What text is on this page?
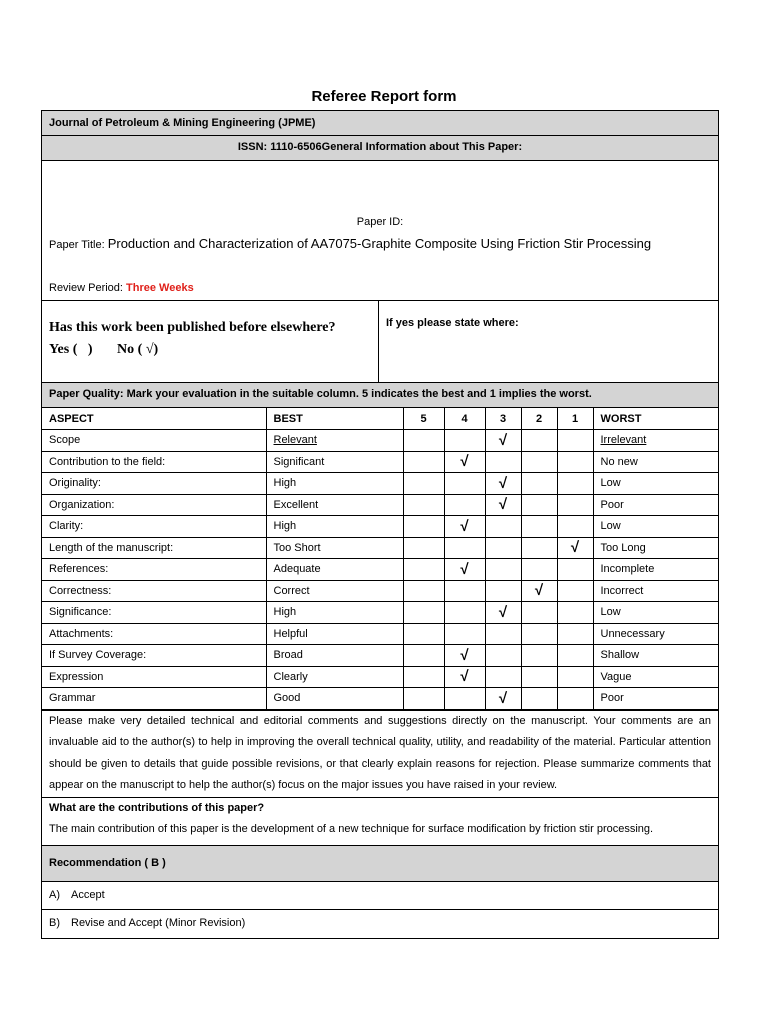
Referee Report form
Journal of Petroleum & Mining Engineering (JPME)
ISSN: 1110-6506General Information about This Paper:
Paper ID:
Paper Title: Production and Characterization of AA7075-Graphite Composite Using Friction Stir Processing
Review Period: Three Weeks
Has this work been published before elsewhere?
Yes (   )       No ( √)
If yes please state where:
Paper Quality: Mark your evaluation in the suitable column. 5 indicates the best and 1 implies the worst.
ASPECT	BEST	5	4	3	2	1	WORST
Scope	Relevant			√			Irrelevant
Contribution to the field:	Significant		√				No new
Originality:	High			√			Low
Organization:	Excellent			√			Poor
Clarity:	High		√				Low
Length of the manuscript:	Too Short					√	Too Long
References:	Adequate		√				Incomplete
Correctness:	Correct				√		Incorrect
Significance:	High			√			Low
Attachments:	Helpful						Unnecessary
If Survey Coverage:	Broad		√				Shallow
Expression	Clearly		√				Vague
Grammar	Good			√			Poor
Please make very detailed technical and editorial comments and suggestions directly on the manuscript. Your comments are an invaluable aid to the author(s) to help in improving the overall technical quality, utility, and readability of the material. Particular attention should be given to details that guide possible revisions, or that clearly explain reasons for rejection. Please summarize comments that appear on the manuscript to help the author(s) focus on the major issues you have raised in your review.
What are the contributions of this paper?
The main contribution of this paper is the development of a new technique for surface modification by friction stir processing.
Recommendation ( B )
A) Accept
B) Revise and Accept (Minor Revision)
